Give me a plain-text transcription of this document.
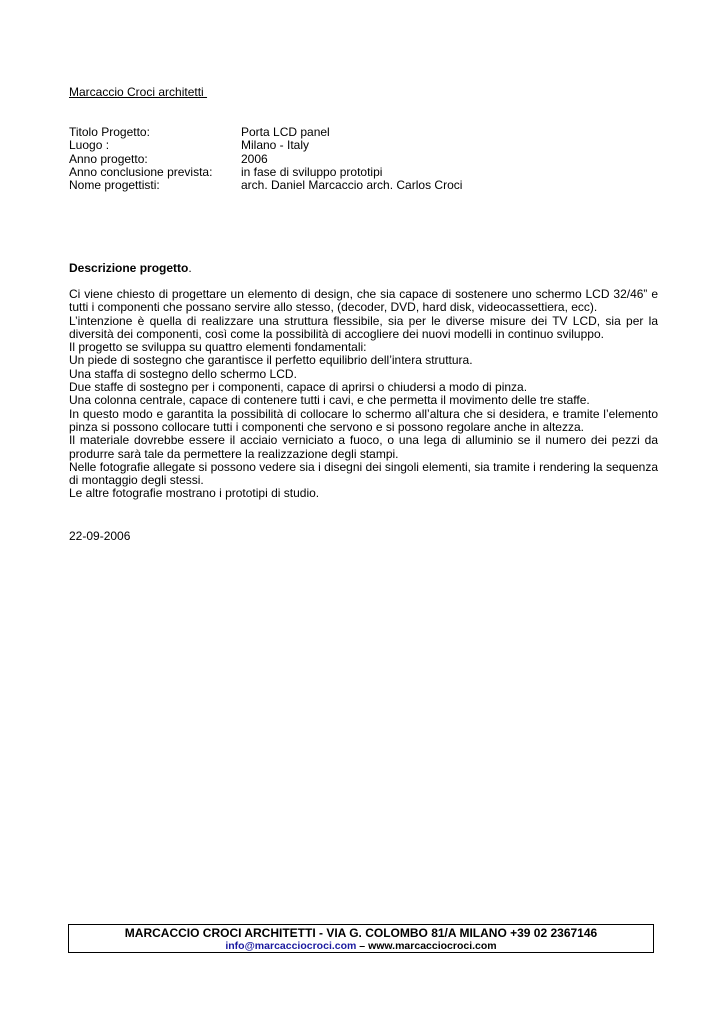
Marcaccio Croci architetti
Titolo Progetto:	Porta LCD panel
Luogo :	Milano - Italy
Anno progetto:	2006
Anno conclusione prevista:	in fase di sviluppo prototipi
Nome progettisti:	arch. Daniel Marcaccio arch. Carlos Croci
Descrizione progetto.

Ci viene chiesto di progettare un elemento di design, che sia capace di sostenere uno schermo LCD 32/46” e tutti i componenti che possano servire allo stesso, (decoder, DVD, hard disk, videocassettiera, ecc).

L’intenzione è quella di realizzare una struttura flessibile, sia per le diverse misure dei TV LCD, sia per la diversità dei componenti, così come la possibilità di accogliere dei nuovi modelli in continuo sviluppo.

Il progetto se sviluppa su quattro elementi fondamentali:

Un piede di sostegno che garantisce il perfetto equilibrio dell’intera struttura.

Una staffa di sostegno dello schermo LCD.

Due staffe di sostegno per i componenti, capace di aprirsi o chiudersi a modo di pinza.

Una colonna centrale, capace di contenere tutti i cavi, e che permetta il movimento delle tre staffe.

In questo modo e garantita la possibilità di collocare lo schermo all’altura che si desidera, e tramite l’elemento pinza si possono collocare tutti i componenti che servono e si possono regolare anche in altezza.

Il materiale dovrebbe essere il acciaio verniciato a fuoco, o una lega di alluminio se il numero dei pezzi da produrre sarà tale da permettere la realizzazione degli stampi.

Nelle fotografie allegate si possono vedere sia i disegni dei singoli elementi, sia tramite i rendering la sequenza di montaggio degli stessi.

Le altre fotografie mostrano i prototipi di studio.

22-09-2006
MARCACCIO CROCI ARCHITETTI - VIA G. COLOMBO 81/A MILANO +39 02 2367146
info@marcacciocroci.com – www.marcacciocroci.com
